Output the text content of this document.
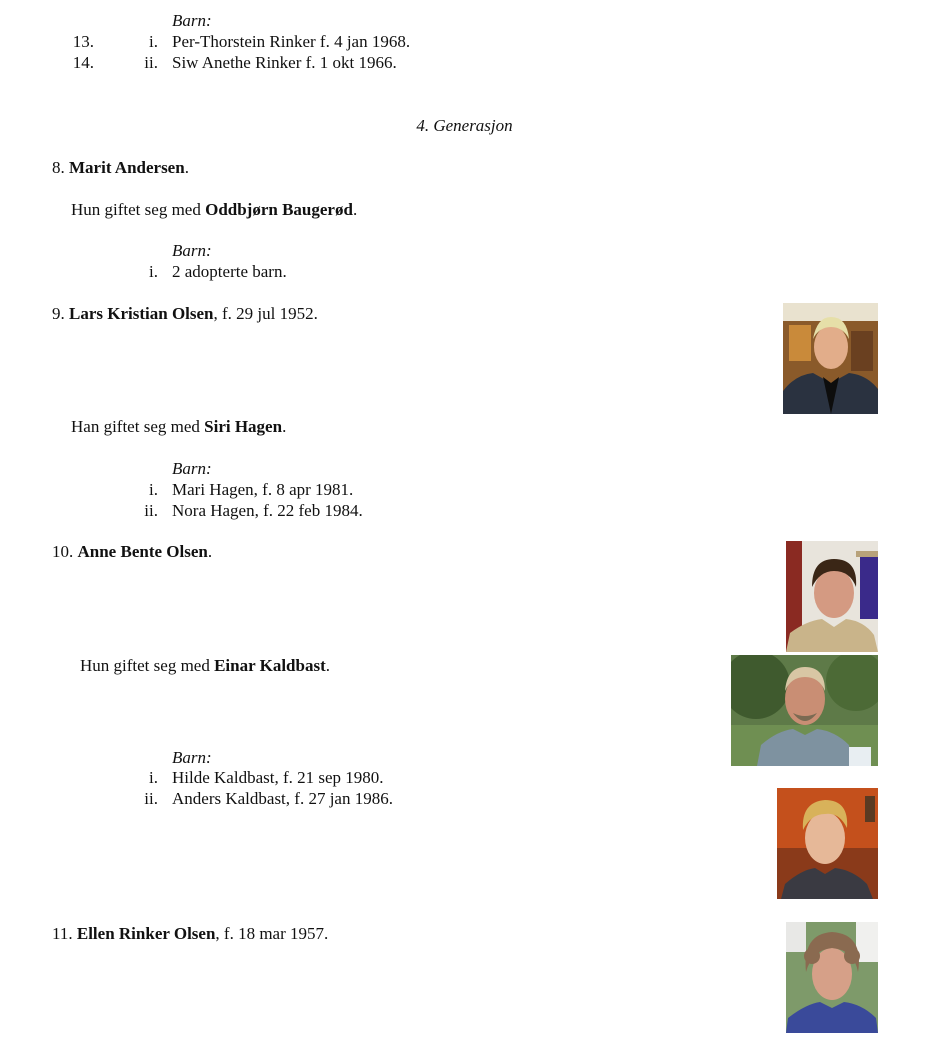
Barn:
13.	i. Per-Thorstein Rinker f. 4 jan 1968.
14.	ii. Siw Anethe Rinker f. 1 okt 1966.
4. Generasjon
8. Marit Andersen.
Hun giftet seg med Oddbjørn Baugerød.
Barn:
i. 2 adopterte barn.
9. Lars Kristian Olsen, f. 29 jul 1952.
Han giftet seg med Siri Hagen.
Barn:
i. Mari Hagen, f. 8 apr 1981.
ii. Nora Hagen, f. 22 feb 1984.
10. Anne Bente Olsen.
Hun giftet seg med Einar Kaldbast.
Barn:
i. Hilde Kaldbast, f. 21 sep 1980.
ii. Anders Kaldbast, f. 27 jan 1986.
11. Ellen Rinker Olsen, f. 18 mar 1957.
